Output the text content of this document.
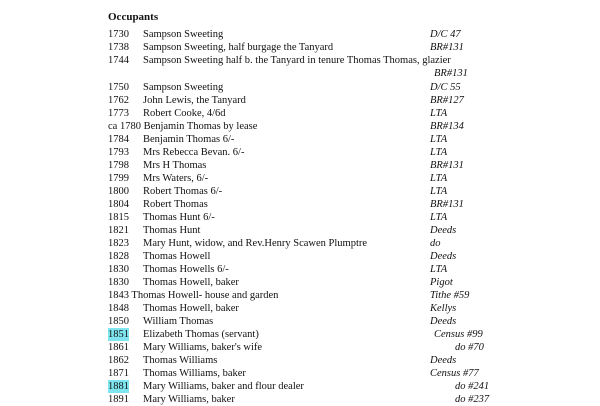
Occupants
1730 Sampson Sweeting	D/C 47
1738 Sampson Sweeting, half burgage the Tanyard	BR#131
1744 Sampson Sweeting half b. the Tanyard in tenure Thomas Thomas, glazier
BR#131
1750 Sampson Sweeting	D/C 55
1762 John Lewis, the Tanyard	BR#127
1773 Robert Cooke, 4/6d	LTA
ca 1780 Benjamin Thomas by lease	BR#134
1784 Benjamin Thomas 6/-	LTA
1793 Mrs Rebecca Bevan. 6/-	LTA
1798 Mrs H Thomas	BR#131
1799 Mrs Waters, 6/-	LTA
1800 Robert Thomas 6/-	LTA
1804 Robert Thomas	BR#131
1815 Thomas Hunt 6/-	LTA
1821 Thomas Hunt	Deeds
1823 Mary Hunt, widow, and Rev.Henry Scawen Plumptre	do
1828 Thomas Howell	Deeds
1830 Thomas Howells 6/-	LTA
1830 Thomas Howell, baker	Pigot
1843 Thomas Howell- house and garden	Tithe #59
1848 Thomas Howell, baker	Kellys
1850 William Thomas	Deeds
1851 Elizabeth Thomas (servant)	Census #99
1861 Mary Williams, baker's wife	do #70
1862 Thomas Williams	Deeds
1871 Thomas Williams, baker	Census #77
1881 Mary Williams, baker and flour dealer	do #241
1891 Mary Williams, baker	do #237
